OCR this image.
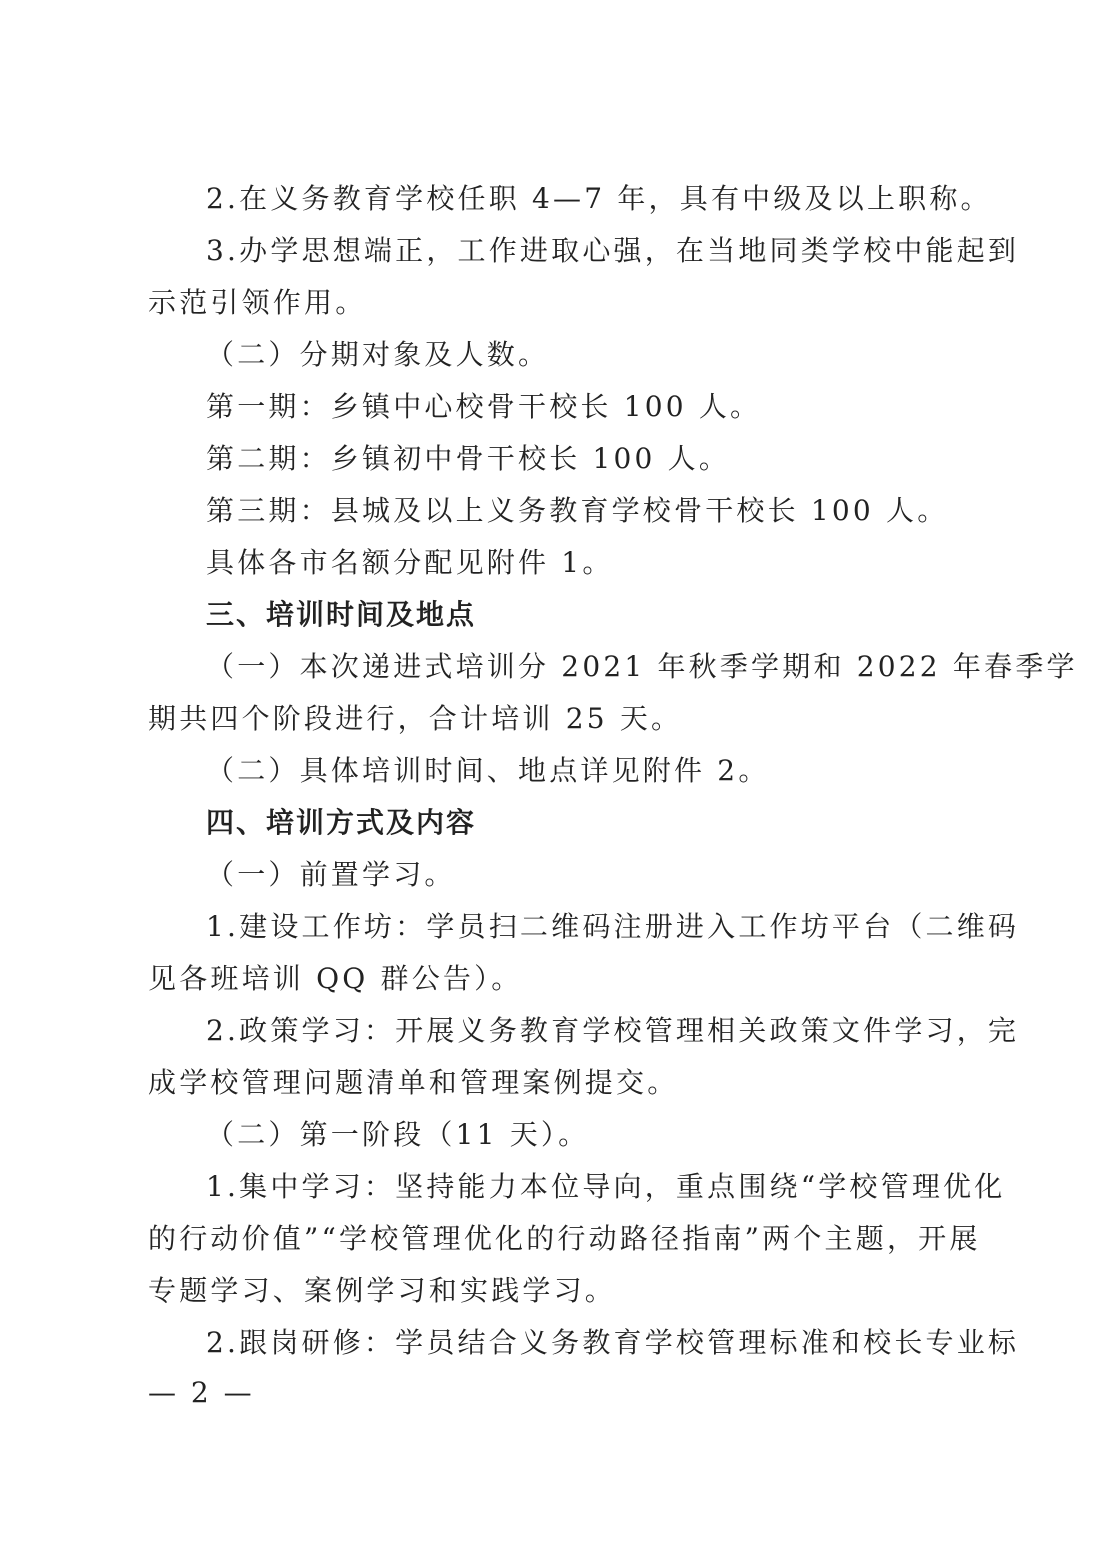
2.在义务教育学校任职 4—7 年，具有中级及以上职称。
3.办学思想端正，工作进取心强，在当地同类学校中能起到
示范引领作用。
（二）分期对象及人数。
第一期：乡镇中心校骨干校长 100 人。
第二期：乡镇初中骨干校长 100 人。
第三期：县城及以上义务教育学校骨干校长 100 人。
具体各市名额分配见附件 1。
三、培训时间及地点
（一）本次递进式培训分 2021 年秋季学期和 2022 年春季学
期共四个阶段进行，合计培训 25 天。
（二）具体培训时间、地点详见附件 2。
四、培训方式及内容
（一）前置学习。
1.建设工作坊：学员扫二维码注册进入工作坊平台（二维码
见各班培训 QQ 群公告）。
2.政策学习：开展义务教育学校管理相关政策文件学习，完
成学校管理问题清单和管理案例提交。
（二）第一阶段（11 天）。
1.集中学习：坚持能力本位导向，重点围绕“学校管理优化
的行动价值”“学校管理优化的行动路径指南”两个主题，开展
专题学习、案例学习和实践学习。
2.跟岗研修：学员结合义务教育学校管理标准和校长专业标
— 2 —
